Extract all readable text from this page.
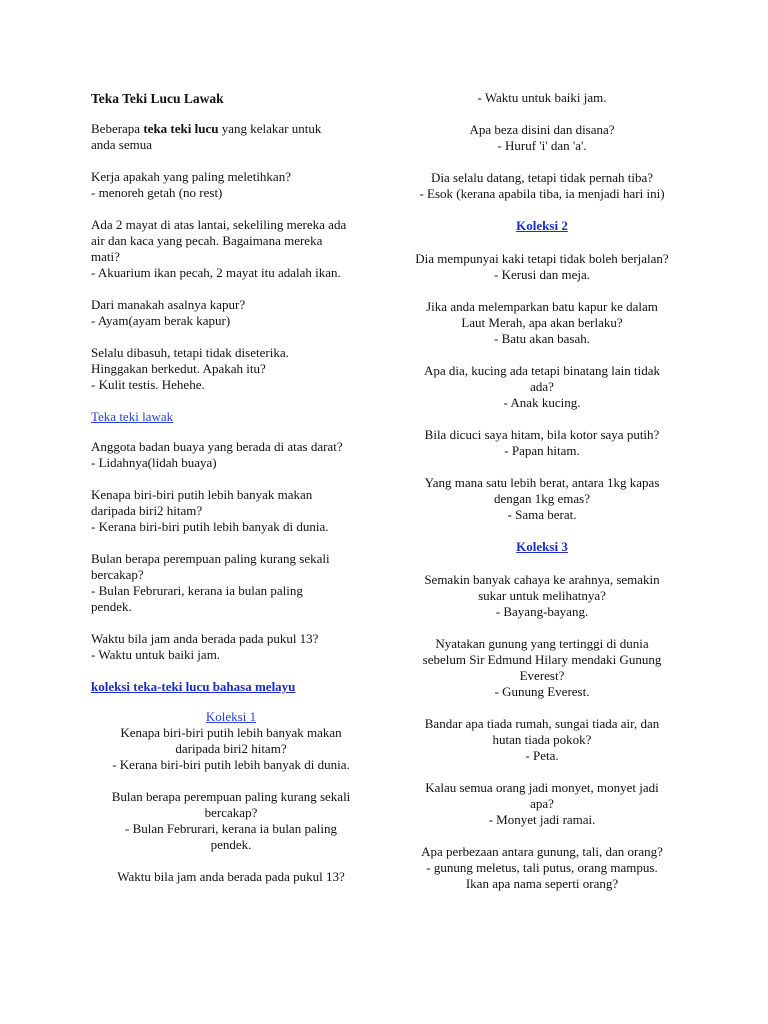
Teka Teki Lucu Lawak
Beberapa teka teki lucu yang kelakar untuk
anda semua
Kerja apakah yang paling meletihkan?
- menoreh getah (no rest)
Ada 2 mayat di atas lantai, sekeliling mereka ada
air dan kaca yang pecah. Bagaimana mereka
mati?
- Akuarium ikan pecah, 2 mayat itu adalah ikan.
Dari manakah asalnya kapur?
- Ayam(ayam berak kapur)
Selalu dibasuh, tetapi tidak diseterika.
Hinggakan berkedut. Apakah itu?
- Kulit testis. Hehehe.
Teka teki lawak
Anggota badan buaya yang berada di atas darat?
- Lidahnya(lidah buaya)
Kenapa biri-biri putih lebih banyak makan
daripada biri2 hitam?
- Kerana biri-biri putih lebih banyak di dunia.
Bulan berapa perempuan paling kurang sekali
bercakap?
- Bulan Februrari, kerana ia bulan paling
pendek.
Waktu bila jam anda berada pada pukul 13?
- Waktu untuk baiki jam.
koleksi teka-teki lucu bahasa melayu
Koleksi 1
Kenapa biri-biri putih lebih banyak makan
daripada biri2 hitam?
- Kerana biri-biri putih lebih banyak di dunia.
Bulan berapa perempuan paling kurang sekali
bercakap?
- Bulan Februrari, kerana ia bulan paling
pendek.
Waktu bila jam anda berada pada pukul 13?
- Waktu untuk baiki jam.
Apa beza disini dan disana?
- Huruf 'i' dan 'a'.
Dia selalu datang, tetapi tidak pernah tiba?
- Esok (kerana apabila tiba, ia menjadi hari ini)
Koleksi 2
Dia mempunyai kaki tetapi tidak boleh berjalan?
- Kerusi dan meja.
Jika anda melemparkan batu kapur ke dalam
Laut Merah, apa akan berlaku?
- Batu akan basah.
Apa dia, kucing ada tetapi binatang lain tidak
ada?
- Anak kucing.
Bila dicuci saya hitam, bila kotor saya putih?
- Papan hitam.
Yang mana satu lebih berat, antara 1kg kapas
dengan 1kg emas?
- Sama berat.
Koleksi 3
Semakin banyak cahaya ke arahnya, semakin
sukar untuk melihatnya?
- Bayang-bayang.
Nyatakan gunung yang tertinggi di dunia
sebelum Sir Edmund Hilary mendaki Gunung
Everest?
- Gunung Everest.
Bandar apa tiada rumah, sungai tiada air, dan
hutan tiada pokok?
- Peta.
Kalau semua orang jadi monyet, monyet jadi
apa?
- Monyet jadi ramai.
Apa perbezaan antara gunung, tali, dan orang?
- gunung meletus, tali putus, orang mampus.
Ikan apa nama seperti orang?
